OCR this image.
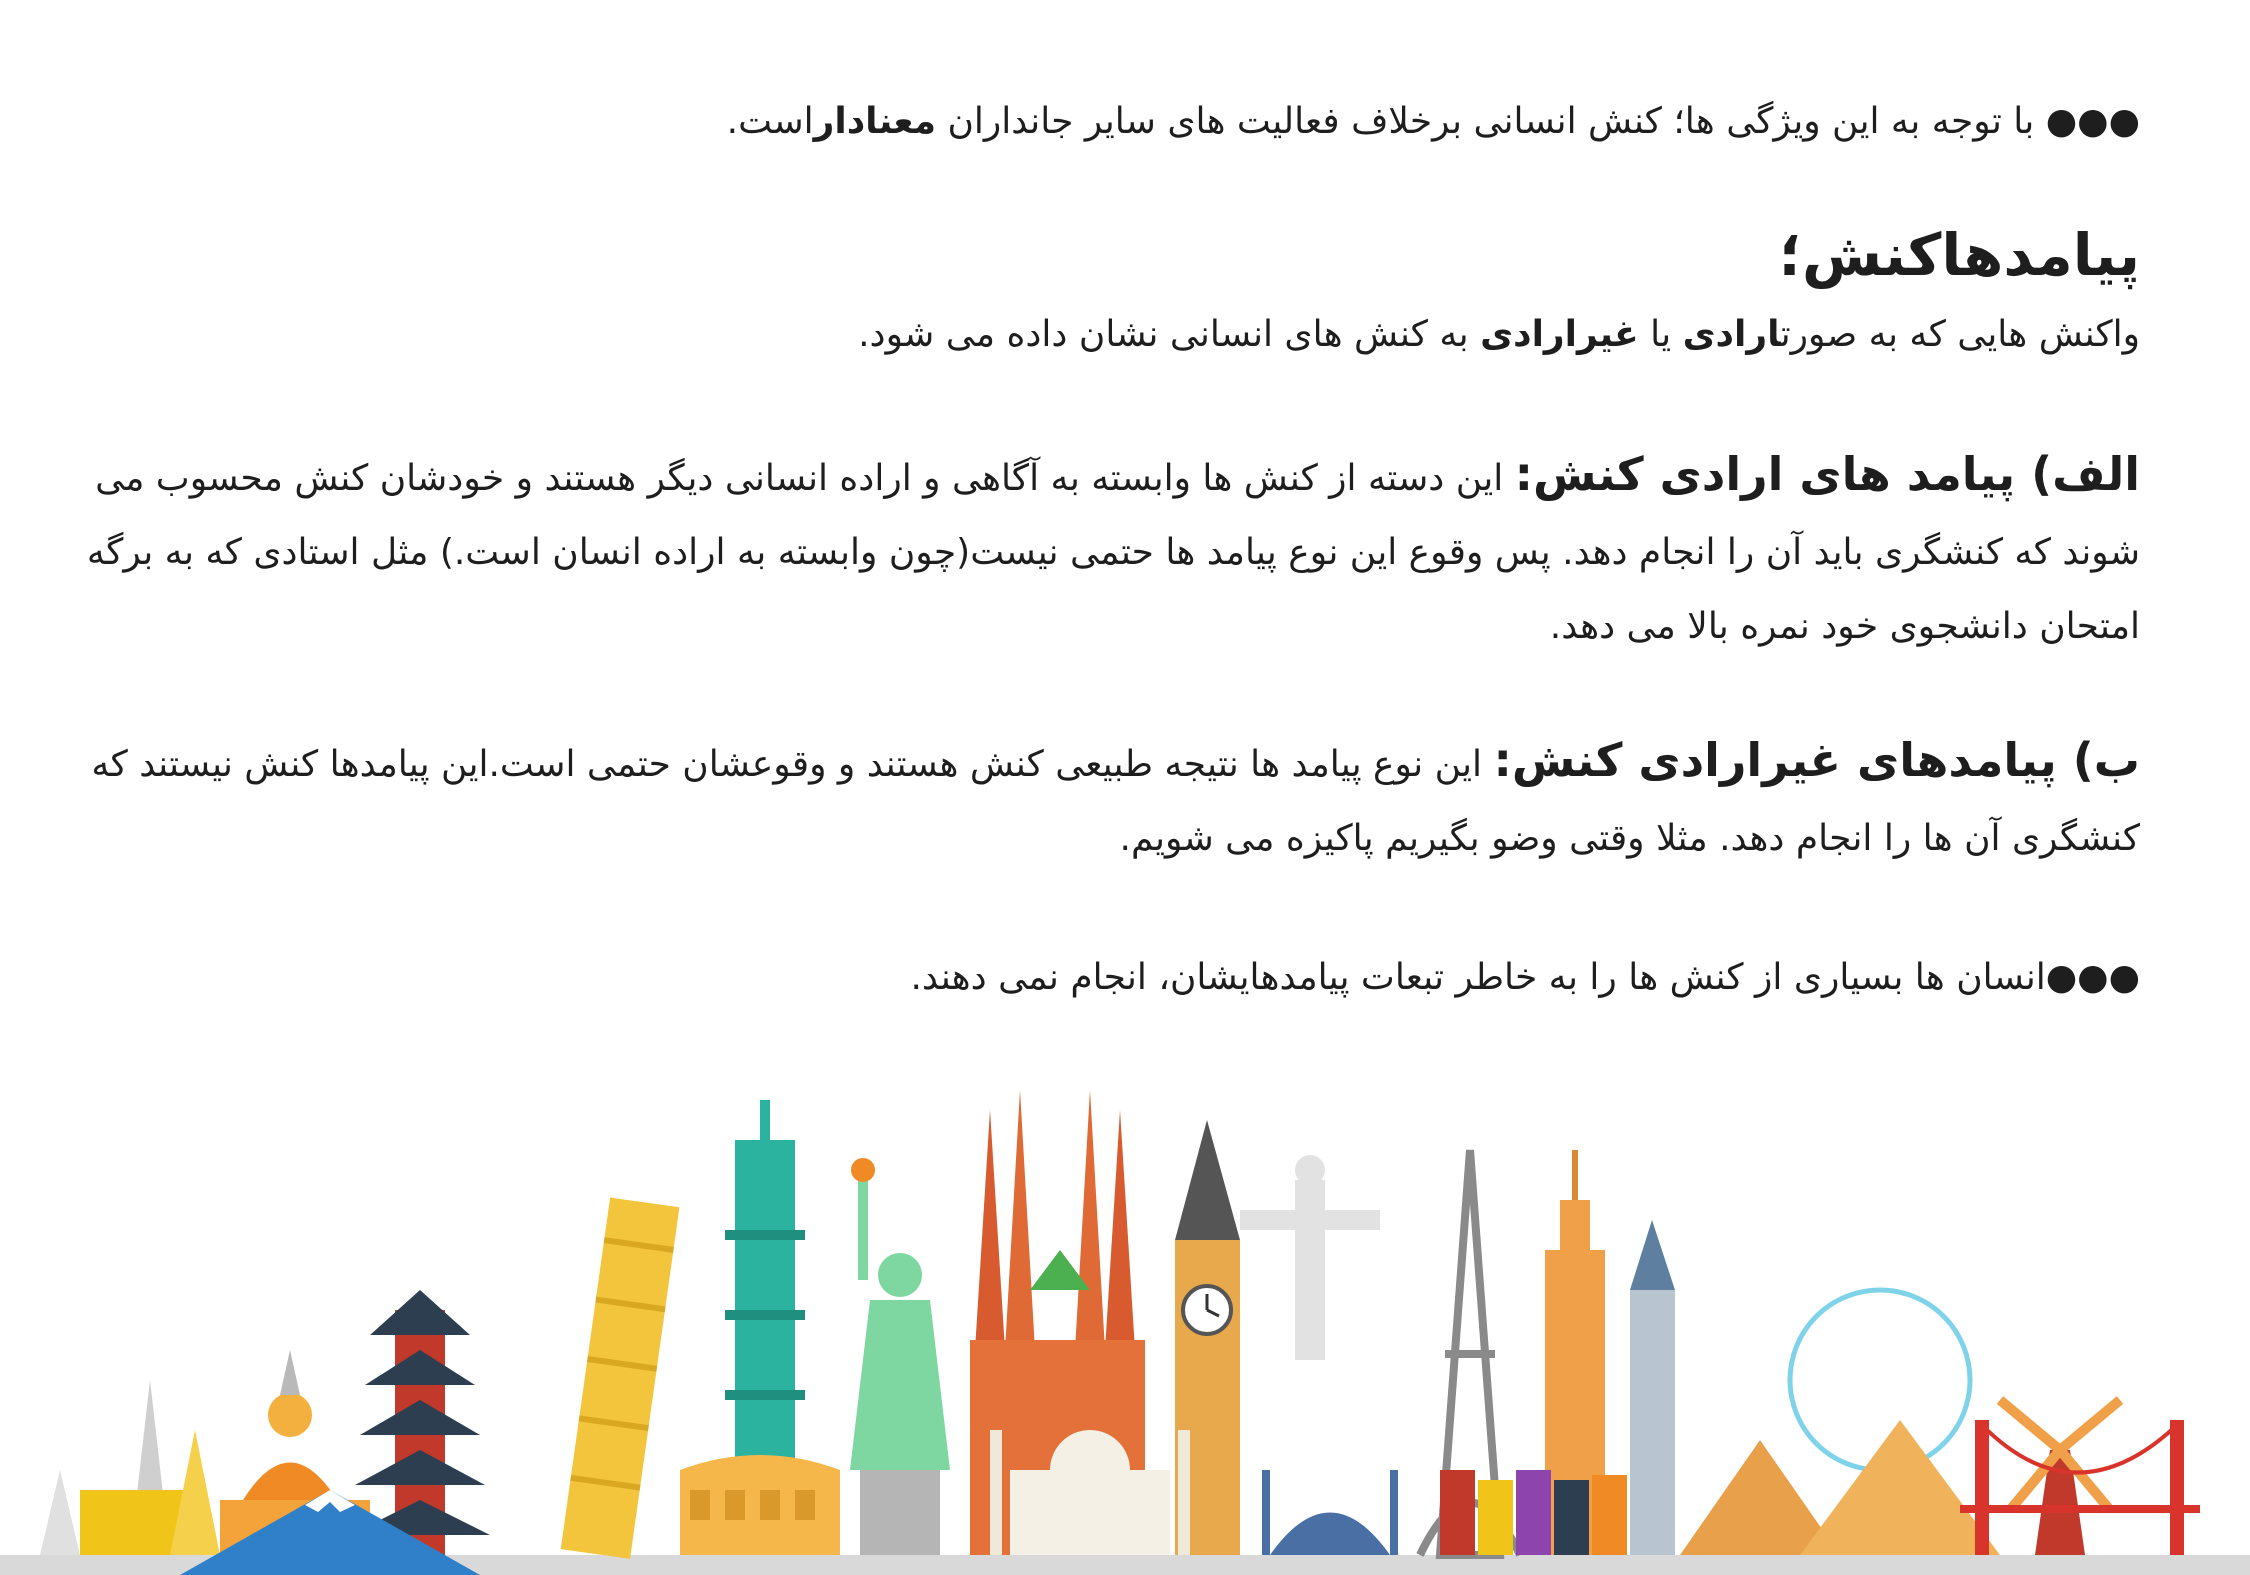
●●● با توجه به این ویژگی ها؛ کنش انسانی برخلاف فعالیت های سایر جانداران معناداراست.
پیامدهاکنش؛
واکنش هایی که به صورتارادی یا غیرارادی به کنش های انسانی نشان داده می شود.
الف) پیامد های ارادی کنش: این دسته از کنش ها وابسته به آگاهی و اراده انسانی دیگر هستند و خودشان کنش محسوب می شوند که کنشگری باید آن را انجام دهد. پس وقوع این نوع پیامد ها حتمی نیست(چون وابسته به اراده انسان است.) مثل استادی که به برگه امتحان دانشجوی خود نمره بالا می دهد.
ب) پیامدهای غیرارادی کنش: این نوع پیامد ها نتیجه طبیعی کنش هستند و وقوعشان حتمی است.این پیامدها کنش نیستند که کنشگری آن ها را انجام دهد. مثلا وقتی وضو بگیریم پاکیزه می شویم.
●●●انسان ها بسیاری از کنش ها را به خاطر تبعات پیامدهایشان، انجام نمی دهند.
